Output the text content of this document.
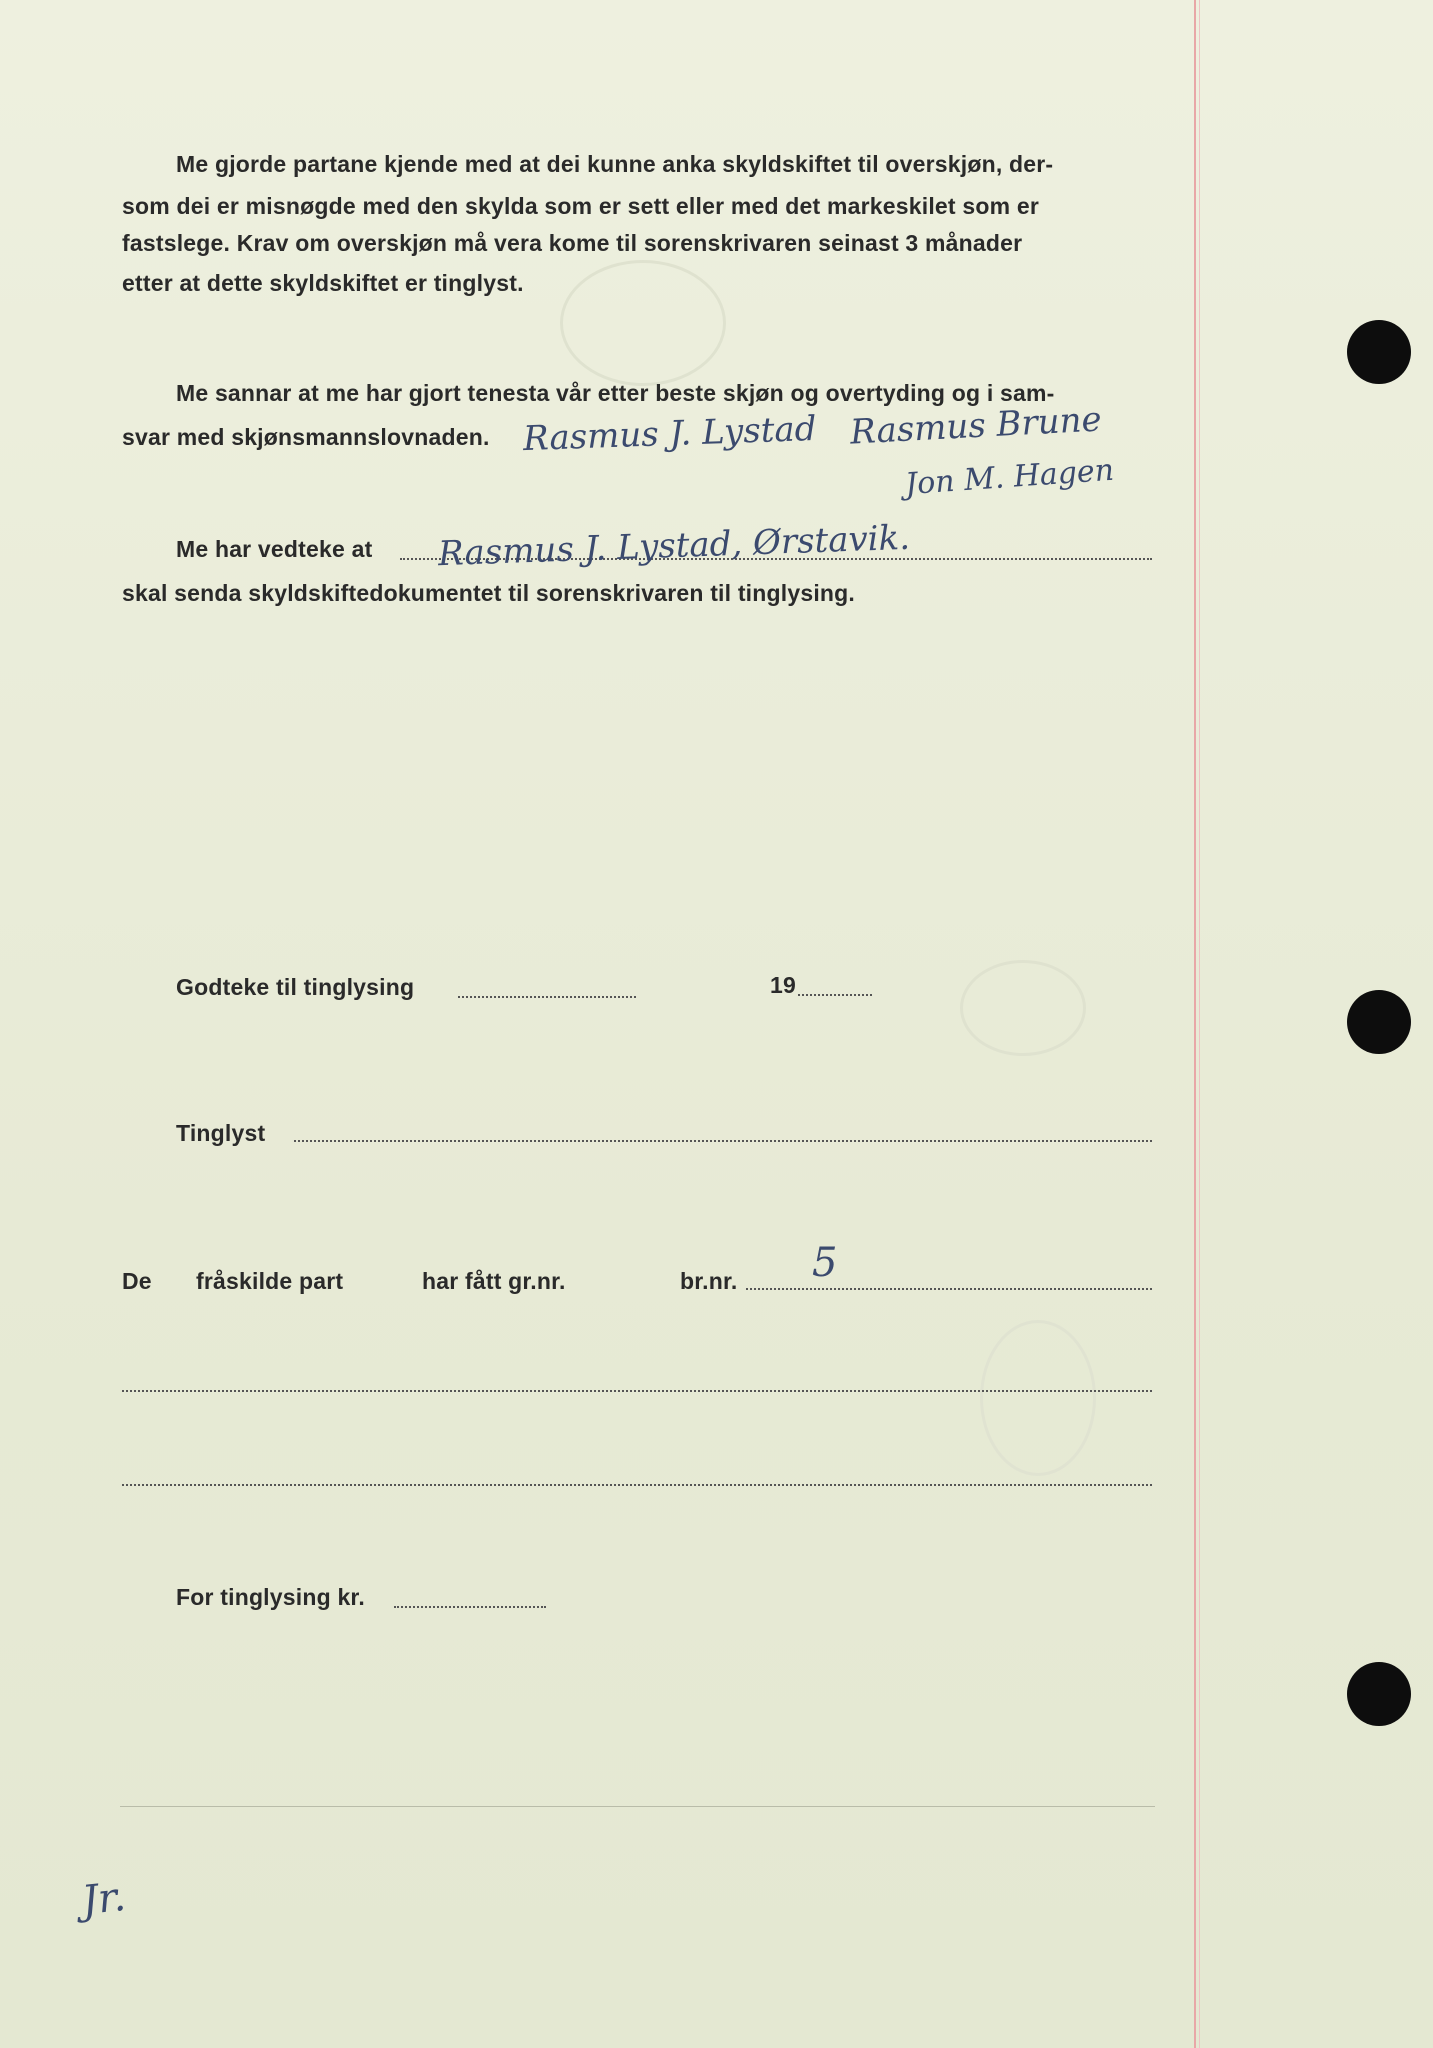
Me gjorde partane kjende med at dei kunne anka skyldskiftet til overskjøn, der-
som dei er misnøgde med den skylda som er sett eller med det markeskilet som er
fastslege. Krav om overskjøn må vera kome til sorenskrivaren seinast 3 månader
etter at dette skyldskiftet er tinglyst.
Me sannar at me har gjort tenesta vår etter beste skjøn og overtyding og i sam-
svar med skjønsmannslovnaden. Rasmus J. Lystad Rasmus Brune
Jon M. Hagen
Me har vedteke at Rasmus J. Lystad, Ørstavik.
skal senda skyldskiftedokumentet til sorenskrivaren til tinglysing.
Godteke til tinglysing	19
Tinglyst
De fråskilde part	har fått gr.nr.	br.nr. 5
For tinglysing kr.
Jr.
